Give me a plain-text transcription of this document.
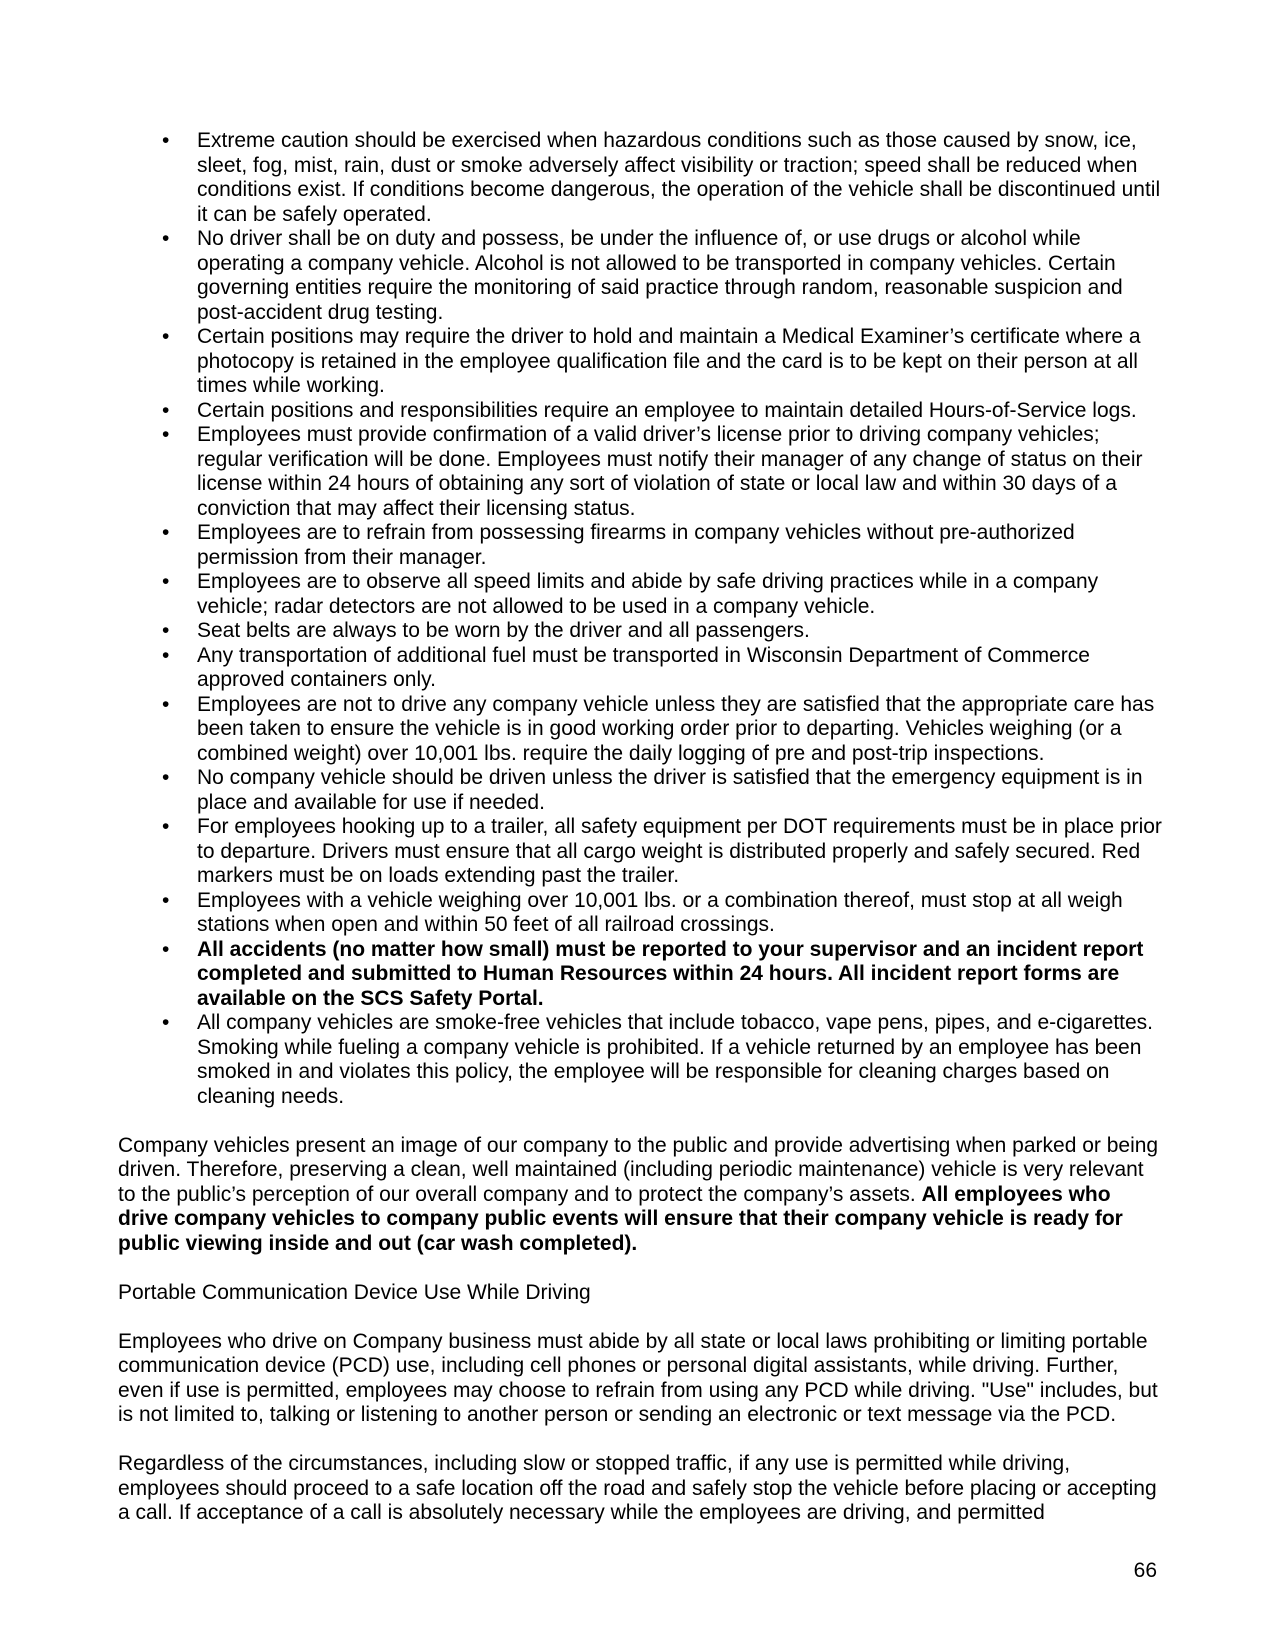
• Extreme caution should be exercised when hazardous conditions such as those caused by snow, ice, sleet, fog, mist, rain, dust or smoke adversely affect visibility or traction; speed shall be reduced when conditions exist. If conditions become dangerous, the operation of the vehicle shall be discontinued until it can be safely operated.
• No driver shall be on duty and possess, be under the influence of, or use drugs or alcohol while operating a company vehicle. Alcohol is not allowed to be transported in company vehicles. Certain governing entities require the monitoring of said practice through random, reasonable suspicion and post-accident drug testing.
• Certain positions may require the driver to hold and maintain a Medical Examiner’s certificate where a photocopy is retained in the employee qualification file and the card is to be kept on their person at all times while working.
• Certain positions and responsibilities require an employee to maintain detailed Hours-of-Service logs.
• Employees must provide confirmation of a valid driver’s license prior to driving company vehicles; regular verification will be done. Employees must notify their manager of any change of status on their license within 24 hours of obtaining any sort of violation of state or local law and within 30 days of a conviction that may affect their licensing status.
• Employees are to refrain from possessing firearms in company vehicles without pre-authorized permission from their manager.
• Employees are to observe all speed limits and abide by safe driving practices while in a company vehicle; radar detectors are not allowed to be used in a company vehicle.
• Seat belts are always to be worn by the driver and all passengers.
• Any transportation of additional fuel must be transported in Wisconsin Department of Commerce approved containers only.
• Employees are not to drive any company vehicle unless they are satisfied that the appropriate care has been taken to ensure the vehicle is in good working order prior to departing. Vehicles weighing (or a combined weight) over 10,001 lbs. require the daily logging of pre and post-trip inspections.
• No company vehicle should be driven unless the driver is satisfied that the emergency equipment is in place and available for use if needed.
• For employees hooking up to a trailer, all safety equipment per DOT requirements must be in place prior to departure. Drivers must ensure that all cargo weight is distributed properly and safely secured. Red markers must be on loads extending past the trailer.
• Employees with a vehicle weighing over 10,001 lbs. or a combination thereof, must stop at all weigh stations when open and within 50 feet of all railroad crossings.
• All accidents (no matter how small) must be reported to your supervisor and an incident report completed and submitted to Human Resources within 24 hours. All incident report forms are available on the SCS Safety Portal.
• All company vehicles are smoke-free vehicles that include tobacco, vape pens, pipes, and e-cigarettes. Smoking while fueling a company vehicle is prohibited. If a vehicle returned by an employee has been smoked in and violates this policy, the employee will be responsible for cleaning charges based on cleaning needs.

Company vehicles present an image of our company to the public and provide advertising when parked or being driven. Therefore, preserving a clean, well maintained (including periodic maintenance) vehicle is very relevant to the public’s perception of our overall company and to protect the company’s assets. All employees who drive company vehicles to company public events will ensure that their company vehicle is ready for public viewing inside and out (car wash completed).

Portable Communication Device Use While Driving

Employees who drive on Company business must abide by all state or local laws prohibiting or limiting portable communication device (PCD) use, including cell phones or personal digital assistants, while driving. Further, even if use is permitted, employees may choose to refrain from using any PCD while driving. "Use" includes, but is not limited to, talking or listening to another person or sending an electronic or text message via the PCD.

Regardless of the circumstances, including slow or stopped traffic, if any use is permitted while driving, employees should proceed to a safe location off the road and safely stop the vehicle before placing or accepting a call. If acceptance of a call is absolutely necessary while the employees are driving, and permitted

66
